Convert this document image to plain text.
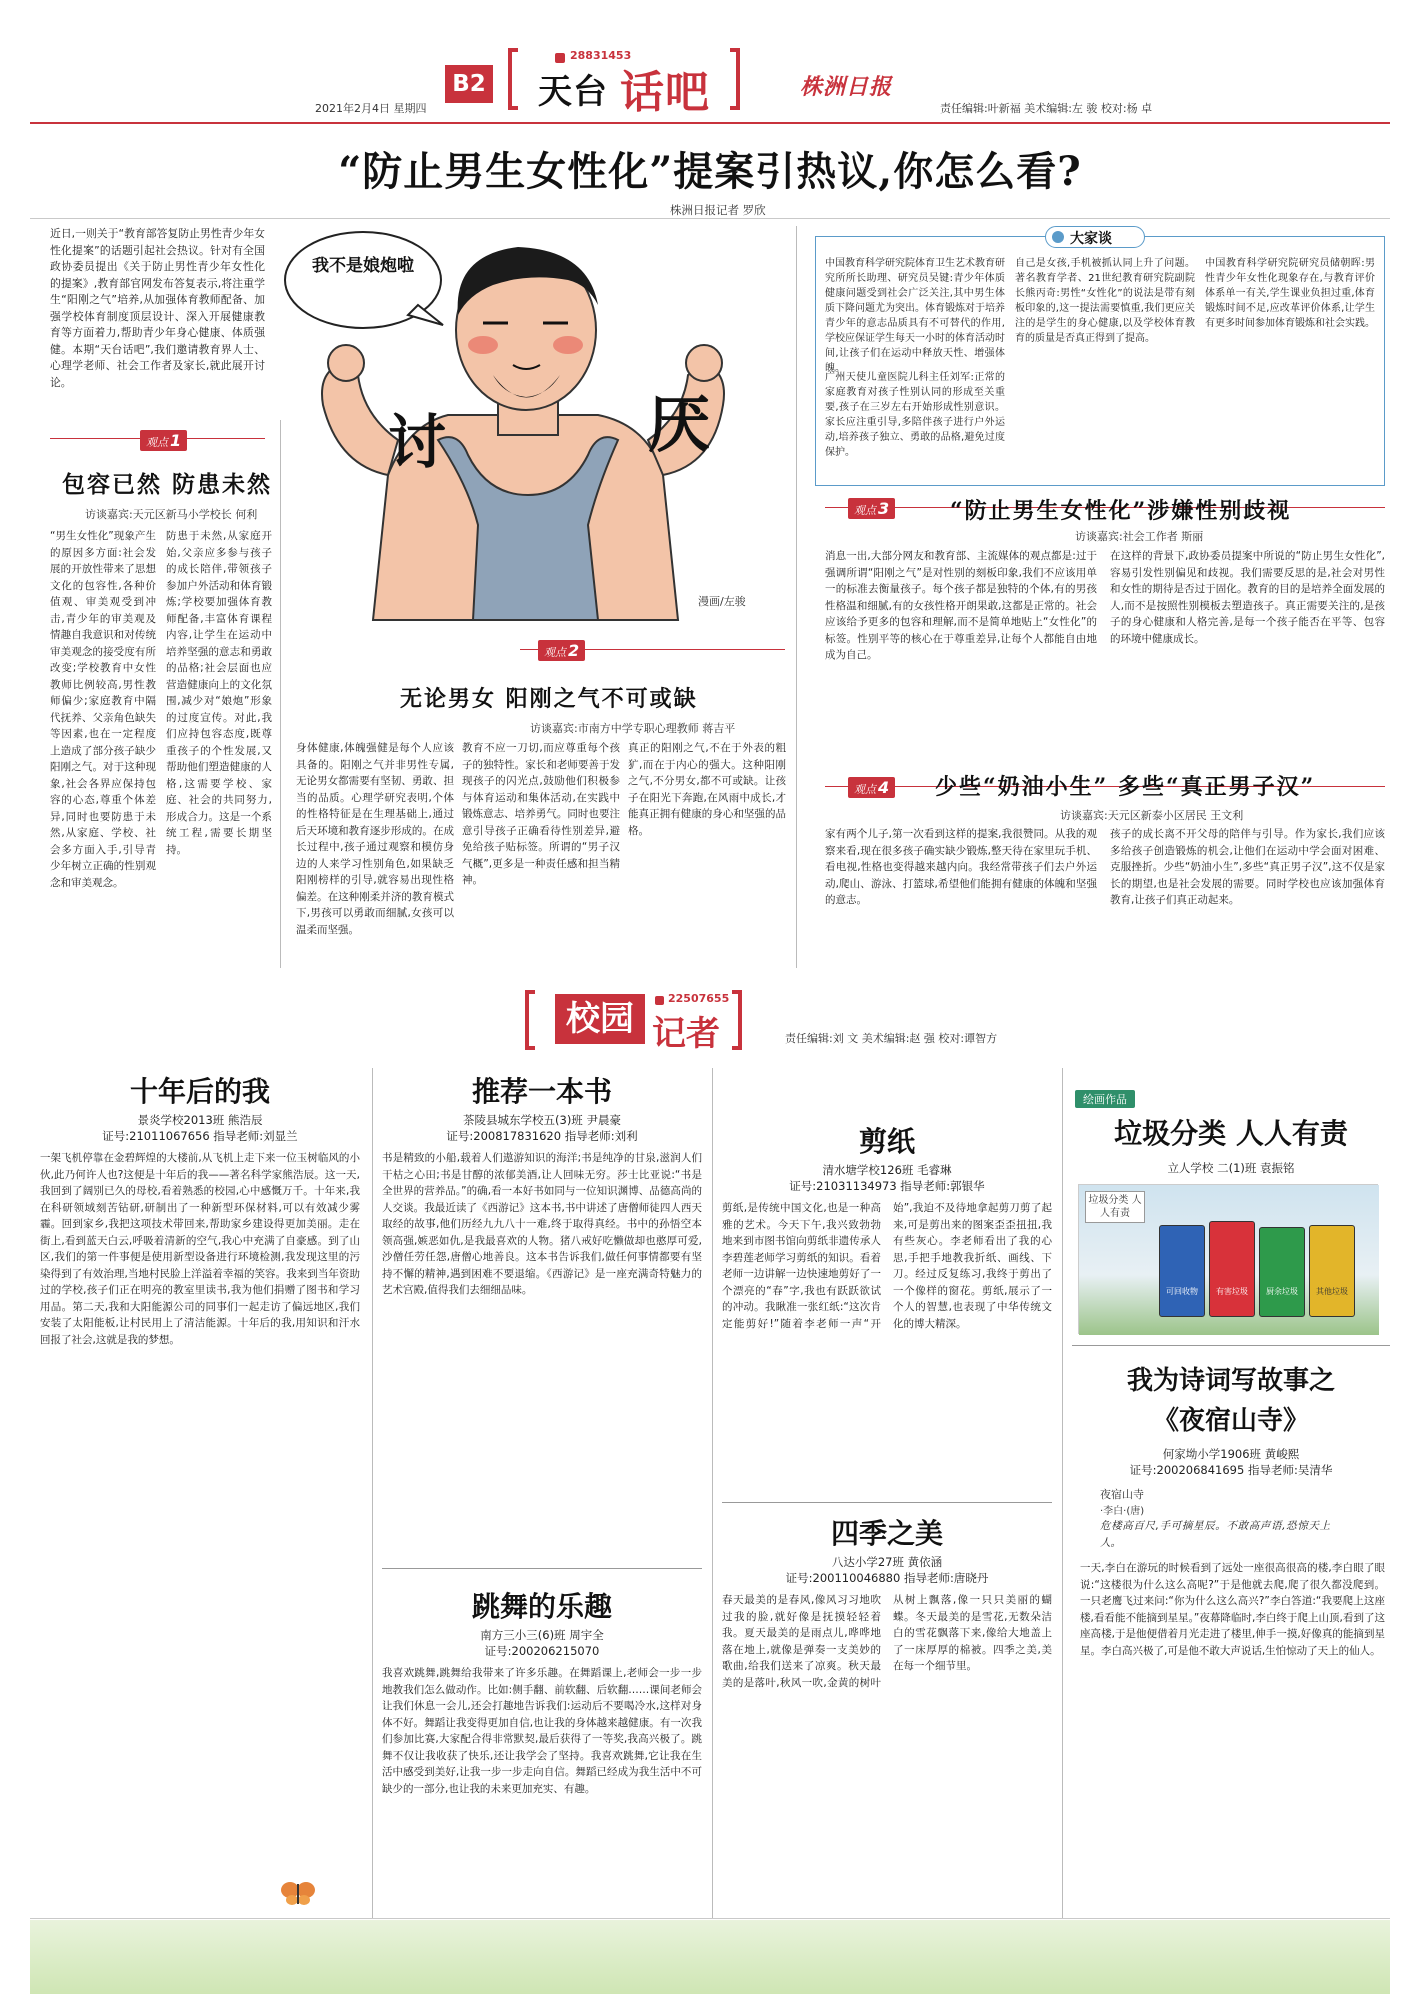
2021年2月4日 星期四
B2
28831453
天台 话吧	株洲日报
责任编辑:叶新福 美术编辑:左 骏 校对:杨 卓
“防止男生女性化”提案引热议,你怎么看?
株洲日报记者 罗欣
近日,一则关于“教育部答复防止男性青少年女性化提案”的话题引起社会热议。针对有全国政协委员提出《关于防止男性青少年女性化的提案》,教育部官网发布答复表示,将注重学生“阳刚之气”培养,从加强体育教师配备、加强学校体育制度顶层设计、深入开展健康教育等方面着力,帮助青少年身心健康、体质强健。本期“天台话吧”,我们邀请教育界人士、心理学老师、社会工作者及家长,就此展开讨论。
我不是娘炮啦
讨	厌
漫画/左骏
观点 1
包容已然 防患未然
访谈嘉宾:天元区新马小学校长 何利
“男生女性化”现象产生的原因多方面:社会发展的开放性带来了思想文化的包容性,各种价值观、审美观受到冲击,青少年的审美观及情趣自我意识和对传统审美观念的接受度有所改变;学校教育中女性教师比例较高,男性教师偏少;家庭教育中隔代抚养、父亲角色缺失等因素,也在一定程度上造成了部分孩子缺少阳刚之气。对于这种现象,社会各界应保持包容的心态,尊重个体差异,同时也要防患于未然,从家庭、学校、社会多方面入手,引导青少年树立正确的性别观念和审美观念。
防患于未然,从家庭开始,父亲应多参与孩子的成长陪伴,带领孩子参加户外活动和体育锻炼;学校要加强体育教师配备,丰富体育课程内容,让学生在运动中培养坚强的意志和勇敢的品格;社会层面也应营造健康向上的文化氛围,减少对“娘炮”形象的过度宣传。对此,我们应持包容态度,既尊重孩子的个性发展,又帮助他们塑造健康的人格,这需要学校、家庭、社会的共同努力,形成合力。这是一个系统工程,需要长期坚持。
观点 2
无论男女 阳刚之气不可或缺
访谈嘉宾:市南方中学专职心理教师 蒋吉平
身体健康,体魄强健是每个人应该具备的。阳刚之气并非男性专属,无论男女都需要有坚韧、勇敢、担当的品质。心理学研究表明,个体的性格特征是在生理基础上,通过后天环境和教育逐步形成的。在成长过程中,孩子通过观察和模仿身边的人来学习性别角色,如果缺乏阳刚榜样的引导,就容易出现性格偏差。在这种刚柔并济的教育模式下,男孩可以勇敢而细腻,女孩可以温柔而坚强。
教育不应一刀切,而应尊重每个孩子的独特性。家长和老师要善于发现孩子的闪光点,鼓励他们积极参与体育运动和集体活动,在实践中锻炼意志、培养勇气。同时也要注意引导孩子正确看待性别差异,避免给孩子贴标签。所谓的“男子汉气概”,更多是一种责任感和担当精神。
真正的阳刚之气,不在于外表的粗犷,而在于内心的强大。这种阳刚之气,不分男女,都不可或缺。让孩子在阳光下奔跑,在风雨中成长,才能真正拥有健康的身心和坚强的品格。
大家谈
中国教育科学研究院体育卫生艺术教育研究所所长助理、研究员吴键:青少年体质健康问题受到社会广泛关注,其中男生体质下降问题尤为突出。体育锻炼对于培养青少年的意志品质具有不可替代的作用,学校应保证学生每天一小时的体育活动时间,让孩子们在运动中释放天性、增强体魄。
广州天使儿童医院儿科主任刘军:正常的家庭教育对孩子性别认同的形成至关重要,孩子在三岁左右开始形成性别意识。家长应注重引导,多陪伴孩子进行户外运动,培养孩子独立、勇敢的品格,避免过度保护。
自己是女孩,手机被抓认同上升了问题。著名教育学者、21世纪教育研究院副院长熊丙奇:男性“女性化”的说法是带有刻板印象的,这一提法需要慎重,我们更应关注的是学生的身心健康,以及学校体育教育的质量是否真正得到了提高。
中国教育科学研究院研究员储朝晖:男性青少年女性化现象存在,与教育评价体系单一有关,学生课业负担过重,体育锻炼时间不足,应改革评价体系,让学生有更多时间参加体育锻炼和社会实践。
观点 3	“防止男生女性化”涉嫌性别歧视
访谈嘉宾:社会工作者 斯丽
消息一出,大部分网友和教育部、主流媒体的观点都是:过于强调所谓“阳刚之气”是对性别的刻板印象,我们不应该用单一的标准去衡量孩子。每个孩子都是独特的个体,有的男孩性格温和细腻,有的女孩性格开朗果敢,这都是正常的。社会应该给予更多的包容和理解,而不是简单地贴上“女性化”的标签。性别平等的核心在于尊重差异,让每个人都能自由地成为自己。
在这样的背景下,政协委员提案中所说的“防止男生女性化”,容易引发性别偏见和歧视。我们需要反思的是,社会对男性和女性的期待是否过于固化。教育的目的是培养全面发展的人,而不是按照性别模板去塑造孩子。真正需要关注的,是孩子的身心健康和人格完善,是每一个孩子能否在平等、包容的环境中健康成长。
观点 4 少些“奶油小生” 多些“真正男子汉”
访谈嘉宾:天元区新泰小区居民 王文利
家有两个儿子,第一次看到这样的提案,我很赞同。从我的观察来看,现在很多孩子确实缺少锻炼,整天待在家里玩手机、看电视,性格也变得越来越内向。我经常带孩子们去户外运动,爬山、游泳、打篮球,希望他们能拥有健康的体魄和坚强的意志。
孩子的成长离不开父母的陪伴与引导。作为家长,我们应该多给孩子创造锻炼的机会,让他们在运动中学会面对困难、克服挫折。少些“奶油小生”,多些“真正男子汉”,这不仅是家长的期望,也是社会发展的需要。同时学校也应该加强体育教育,让孩子们真正动起来。
校园
22507655
记者	责任编辑:刘 文 美术编辑:赵 强 校对:谭智方
十年后的我
景炎学校2013班 熊浩辰
证号:21011067656 指导老师:刘显兰
一架飞机停靠在金碧辉煌的大楼前,从飞机上走下来一位玉树临风的小伙,此乃何许人也?这便是十年后的我——著名科学家熊浩辰。这一天,我回到了阔别已久的母校,看着熟悉的校园,心中感慨万千。十年来,我在科研领域刻苦钻研,研制出了一种新型环保材料,可以有效减少雾霾。回到家乡,我把这项技术带回来,帮助家乡建设得更加美丽。走在街上,看到蓝天白云,呼吸着清新的空气,我心中充满了自豪感。到了山区,我们的第一件事便是使用新型设备进行环境检测,我发现这里的污染得到了有效治理,当地村民脸上洋溢着幸福的笑容。我来到当年资助过的学校,孩子们正在明亮的教室里读书,我为他们捐赠了图书和学习用品。第二天,我和大阳能源公司的同事们一起走访了偏远地区,我们安装了太阳能板,让村民用上了清洁能源。十年后的我,用知识和汗水回报了社会,这就是我的梦想。
推荐一本书
茶陵县城东学校五(3)班 尹晨豪
证号:200817831620 指导老师:刘利
书是精致的小船,载着人们遨游知识的海洋;书是纯净的甘泉,滋润人们干枯之心田;书是甘醇的浓郁美酒,让人回味无穷。莎士比亚说:“书是全世界的营养品。”的确,看一本好书如同与一位知识渊博、品德高尚的人交谈。我最近读了《西游记》这本书,书中讲述了唐僧师徒四人西天取经的故事,他们历经九九八十一难,终于取得真经。书中的孙悟空本领高强,嫉恶如仇,是我最喜欢的人物。猪八戒好吃懒做却也憨厚可爱,沙僧任劳任怨,唐僧心地善良。这本书告诉我们,做任何事情都要有坚持不懈的精神,遇到困难不要退缩。《西游记》是一座充满奇特魅力的艺术宫殿,值得我们去细细品味。
跳舞的乐趣
南方三小三(6)班 周宇全
证号:200206215070
我喜欢跳舞,跳舞给我带来了许多乐趣。在舞蹈课上,老师会一步一步地教我们怎么做动作。比如:侧手翻、前软翻、后软翻……课间老师会让我们休息一会儿,还会打趣地告诉我们:运动后不要喝冷水,这样对身体不好。舞蹈让我变得更加自信,也让我的身体越来越健康。有一次我们参加比赛,大家配合得非常默契,最后获得了一等奖,我高兴极了。跳舞不仅让我收获了快乐,还让我学会了坚持。我喜欢跳舞,它让我在生活中感受到美好,让我一步一步走向自信。舞蹈已经成为我生活中不可缺少的一部分,也让我的未来更加充实、有趣。
剪纸
清水塘学校126班 毛睿琳
证号:21031134973 指导老师:郭银华
剪纸,是传统中国文化,也是一种高雅的艺术。今天下午,我兴致勃勃地来到市图书馆向剪纸非遗传承人李碧莲老师学习剪纸的知识。看着老师一边讲解一边快速地剪好了一个漂亮的“春”字,我也有跃跃欲试的冲动。我瞅准一张红纸:“这次肯定能剪好!”随着李老师一声“开始”,我迫不及待地拿起剪刀剪了起来,可是剪出来的图案歪歪扭扭,我有些灰心。李老师看出了我的心思,手把手地教我折纸、画线、下刀。经过反复练习,我终于剪出了一个像样的窗花。剪纸,展示了一个人的智慧,也表现了中华传统文化的博大精深。
四季之美
八达小学27班 黄依涵
证号:200110046880 指导老师:唐晓丹
春天最美的是春风,像风习习地吹过我的脸,就好像是抚摸轻轻着我。夏天最美的是雨点儿,哗哗地落在地上,就像是弹奏一支美妙的歌曲,给我们送来了凉爽。秋天最美的是落叶,秋风一吹,金黄的树叶从树上飘落,像一只只美丽的蝴蝶。冬天最美的是雪花,无数朵洁白的雪花飘落下来,像给大地盖上了一床厚厚的棉被。四季之美,美在每一个细节里。
绘画作品
垃圾分类 人人有责
立人学校 二(1)班 袁振铭
垃圾分类 人人有责
可回收物	有害垃圾	厨余垃圾	其他垃圾
我为诗词写故事之
《夜宿山寺》
何家坳小学1906班 黄峻熙
证号:200206841695 指导老师:吴清华
夜宿山寺
·李白·(唐)
危楼高百尺,手可摘星辰。不敢高声语,恐惊天上人。
一天,李白在游玩的时候看到了远处一座很高很高的楼,李白眼了眼说:“这楼很为什么这么高呢?”于是他就去爬,爬了很久都没爬到。一只老鹰飞过来问:“你为什么这么高兴?”李白答道:“我要爬上这座楼,看看能不能摘到星星。”夜幕降临时,李白终于爬上山顶,看到了这座高楼,于是他便借着月光走进了楼里,伸手一摸,好像真的能摘到星星。李白高兴极了,可是他不敢大声说话,生怕惊动了天上的仙人。
